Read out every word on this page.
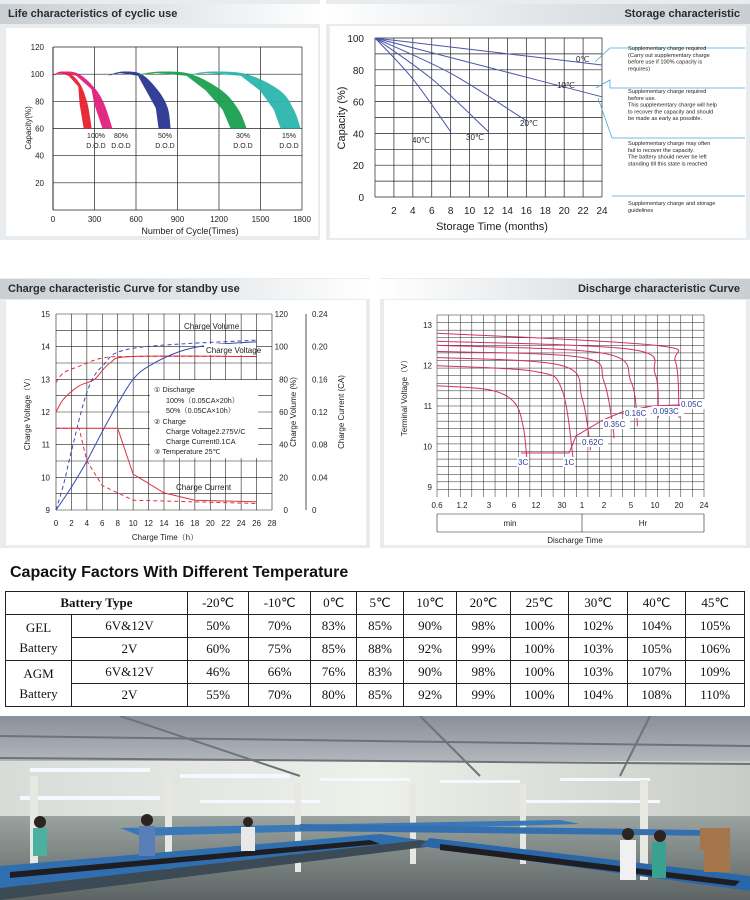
Life characteristics of cyclic use
120
100
80
60
40
20
0	300	600	900	1200	1500	1800
Number of Cycle(Times)
Capacity(%)	100%
D.O.D
80%
D.O.D
50%
D.O.D
30%
D.O.D
15%
D.O.D
Storage characteristic
100
80
60
40
20
0
2 4 6 8 10 12 14 16 18 20 22 24
Storage Time (months)
Capacity (%)
0℃
10℃
20℃
30℃
40℃
Supplementary charge required (Carry out supplementary charge before use if 100% capacity is requires)
Supplementary charge required before use. This supplementary charge will help to recover the capacity and should be made as early as possible.
Supplementary charge may often fail to recover the capacity. The battery should never be left standing till this state is reached
Supplementary charge and storage guidelines
Charge characteristic Curve for standby use
15
14
13
12
11
10
9
120
100
80
60
40
20
0
0.24
0.20
0.16
0.12
0.08
0.04
0
0 2 4 6 8 10 12 14 16 18 20 22 24 26 28
Charge Time（h）
Charge Voltage（V）	Charge Volume (%)	Charge Current (CA)
Charge Volume
Charge Voltage
Charge Current
① Discharge
100%（0.05CA×20h）
50%（0.05CA×10h）
② Charge
Charge Voltage2.275V/C
Charge Current0.1CA
③ Temperature 25℃
Discharge characteristic Curve
13
12
11
10
9
0.6 1.2 3	6 12 30 1 2	5 10 20 24
min	Hr
Discharge Time
Terminal Voltage（V）
3C	1C
0.62C
0.35C
0.16C 0.093C
0.05C
Capacity Factors With Different Temperature
Battery Type		-20℃	-10℃	0℃	5℃	10℃	20℃	25℃	30℃	40℃	45℃
GEL
Battery	6V&12V	50%	70%	83%	85%	90%	98%	100%	102%	104%	105%
	2V	60%	75%	85%	88%	92%	99%	100%	103%	105%	106%
AGM
Battery	6V&12V	46%	66%	76%	83%	90%	98%	100%	103%	107%	109%
	2V	55%	70%	80%	85%	92%	99%	100%	104%	108%	110%
